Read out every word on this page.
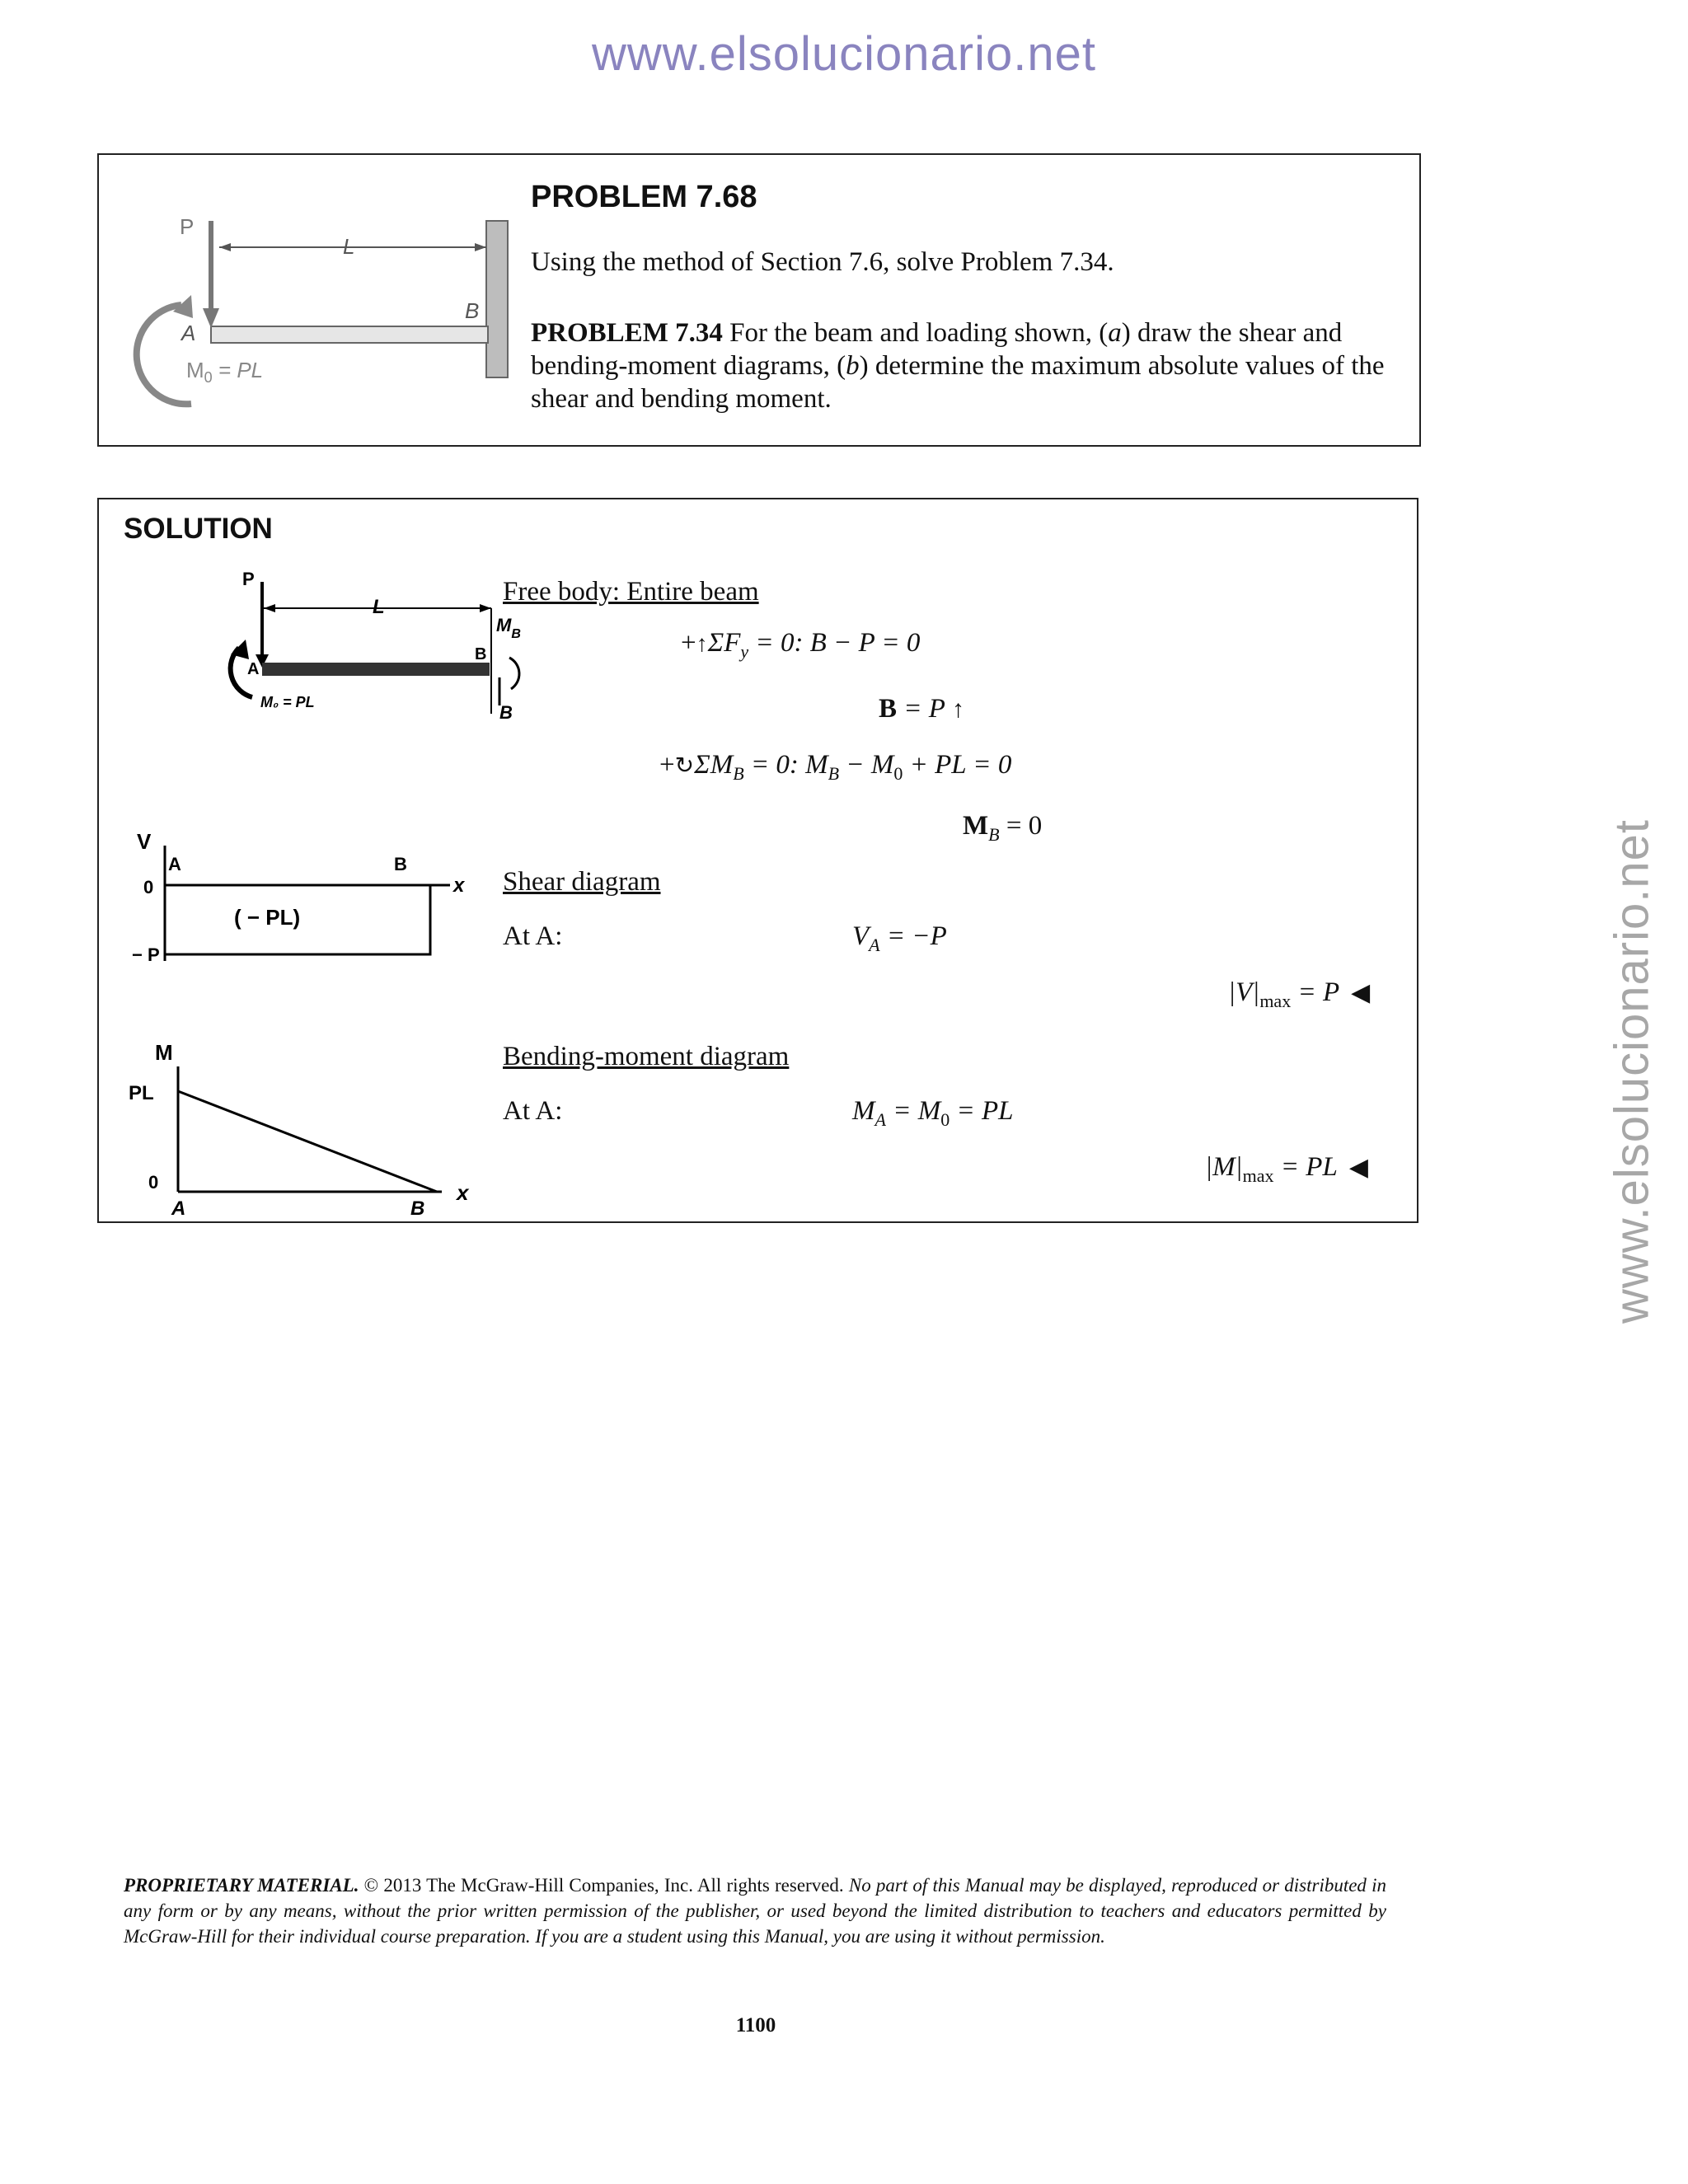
www.elsolucionario.net
www.elsolucionario.net
P
L
A
B
$M_0$ = PL
PROBLEM 7.68
Using the method of Section 7.6, solve Problem 7.34.
PROBLEM 7.34 For the beam and loading shown, (a) draw the shear and bending-moment diagrams, (b) determine the maximum absolute values of the shear and bending moment.
SOLUTION
P
L
A
B
$M_B$
B
M₀ = PL
V
A	B
x
0
− P
( − PL)
M
PL
0
A	B
x
Free body: Entire beam
$+↑\Sigma F_y = 0$: B − P = 0
B = P ↑
$+↻\Sigma M_B = 0$: $M_B - M_0$ + PL = 0
$M_B = 0$
Shear diagram
At A:	$V_A = -P$
$|V|_{max} = P$ ◀
Bending-moment diagram
At A:	$M_A = M_0$ = PL
$|M|_{max}$ = PL ◀
PROPRIETARY MATERIAL. © 2013 The McGraw-Hill Companies, Inc. All rights reserved. No part of this Manual may be displayed, reproduced or distributed in any form or by any means, without the prior written permission of the publisher, or used beyond the limited distribution to teachers and educators permitted by McGraw-Hill for their individual course preparation. If you are a student using this Manual, you are using it without permission.
1100
